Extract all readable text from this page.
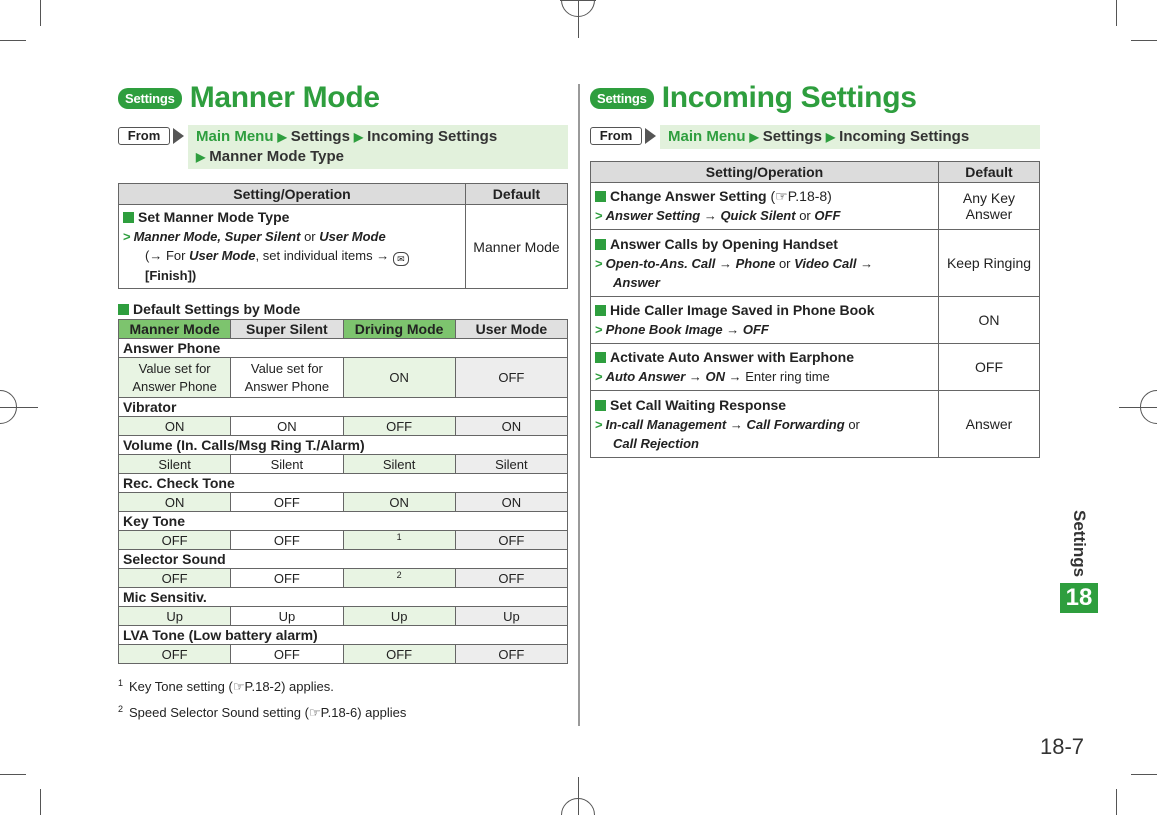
Settings Manner Mode
From	Main Menu ▶ Settings ▶ Incoming Settings
▶ Manner Mode Type
Setting/Operation	Default

Set Manner Mode Type
> Manner Mode, Super Silent or User Mode
(→ For User Mode, set individual items → ✉ [Finish])	Manner Mode
Default Settings by Mode
Manner Mode	Super Silent	Driving Mode	User Mode
Answer Phone			
Value set for Answer Phone	Value set for Answer Phone	ON	OFF
Vibrator			
ON	ON	OFF	ON
Volume (In. Calls/Msg Ring T./Alarm)			
Silent	Silent	Silent	Silent
Rec. Check Tone			
ON	OFF	ON	ON
Key Tone			
OFF	OFF	$^1$	OFF
Selector Sound			
OFF	OFF	$^2$	OFF
Mic Sensitiv.			
Up	Up	Up	Up
LVA Tone (Low battery alarm)			
OFF	OFF	OFF	OFF
$^1$ Key Tone setting (☞P.18-2) applies.
$^2$ Speed Selector Sound setting (☞P.18-6) applies
Settings Incoming Settings
From	Main Menu ▶ Settings ▶ Incoming Settings
Setting/Operation	Default

Change Answer Setting (☞P.18-8)
> Answer Setting → Quick Silent or OFF	Any Key Answer

Answer Calls by Opening Handset
> Open-to-Ans. Call → Phone or Video Call →
Answer	Keep Ringing

Hide Caller Image Saved in Phone Book
> Phone Book Image → OFF	ON

Activate Auto Answer with Earphone
> Auto Answer → ON → Enter ring time	OFF

Set Call Waiting Response
> In-call Management → Call Forwarding or
Call Rejection	Answer
Settings
18
18-7
